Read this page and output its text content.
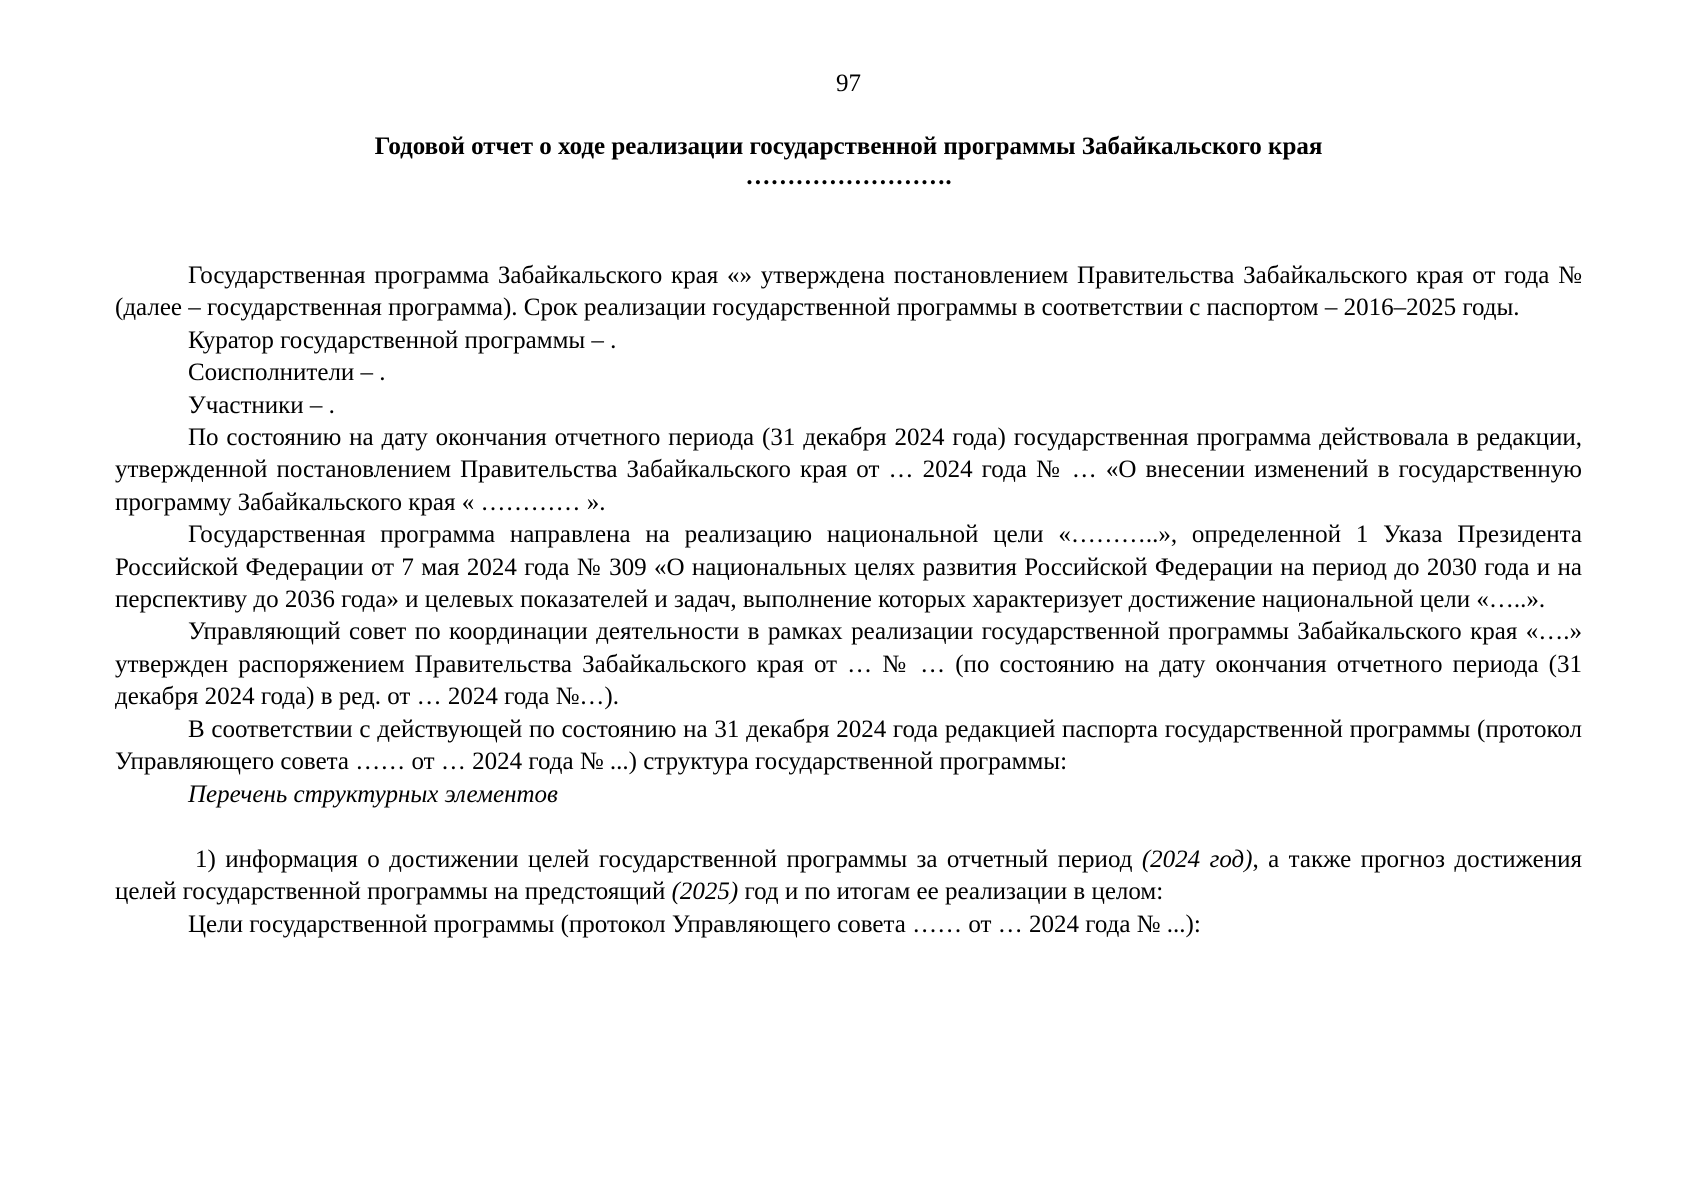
97
Годовой отчет о ходе реализации государственной программы Забайкальского края
…………………….

Государственная программа Забайкальского края «» утверждена постановлением Правительства Забайкальского края от года № (далее – государственная программа). Срок реализации государственной программы в соответствии с паспортом – 2016–2025 годы.

Куратор государственной программы – .

Соисполнители – .

Участники – .

По состоянию на дату окончания отчетного периода (31 декабря 2024 года) государственная программа действовала в редакции, утвержденной постановлением Правительства Забайкальского края от … 2024 года № … «О внесении изменений в государственную программу Забайкальского края « ………… ».

Государственная программа направлена на реализацию национальной цели «………..», определенной 1 Указа Президента Российской Федерации от 7 мая 2024 года № 309 «О национальных целях развития Российской Федерации на период до 2030 года и на перспективу до 2036 года» и целевых показателей и задач, выполнение которых характеризует достижение национальной цели «…..».

Управляющий совет по координации деятельности в рамках реализации государственной программы Забайкальского края «….» утвержден распоряжением Правительства Забайкальского края от … № … (по состоянию на дату окончания отчетного периода (31 декабря 2024 года) в ред. от … 2024 года №…).

В соответствии с действующей по состоянию на 31 декабря 2024 года редакцией паспорта государственной программы (протокол Управляющего совета …… от … 2024 года № ...) структура государственной программы:

Перечень структурных элементов

1) информация о достижении целей государственной программы за отчетный период (2024 год), а также прогноз достижения целей государственной программы на предстоящий (2025) год и по итогам ее реализации в целом:

Цели государственной программы (протокол Управляющего совета …… от … 2024 года № ...):
